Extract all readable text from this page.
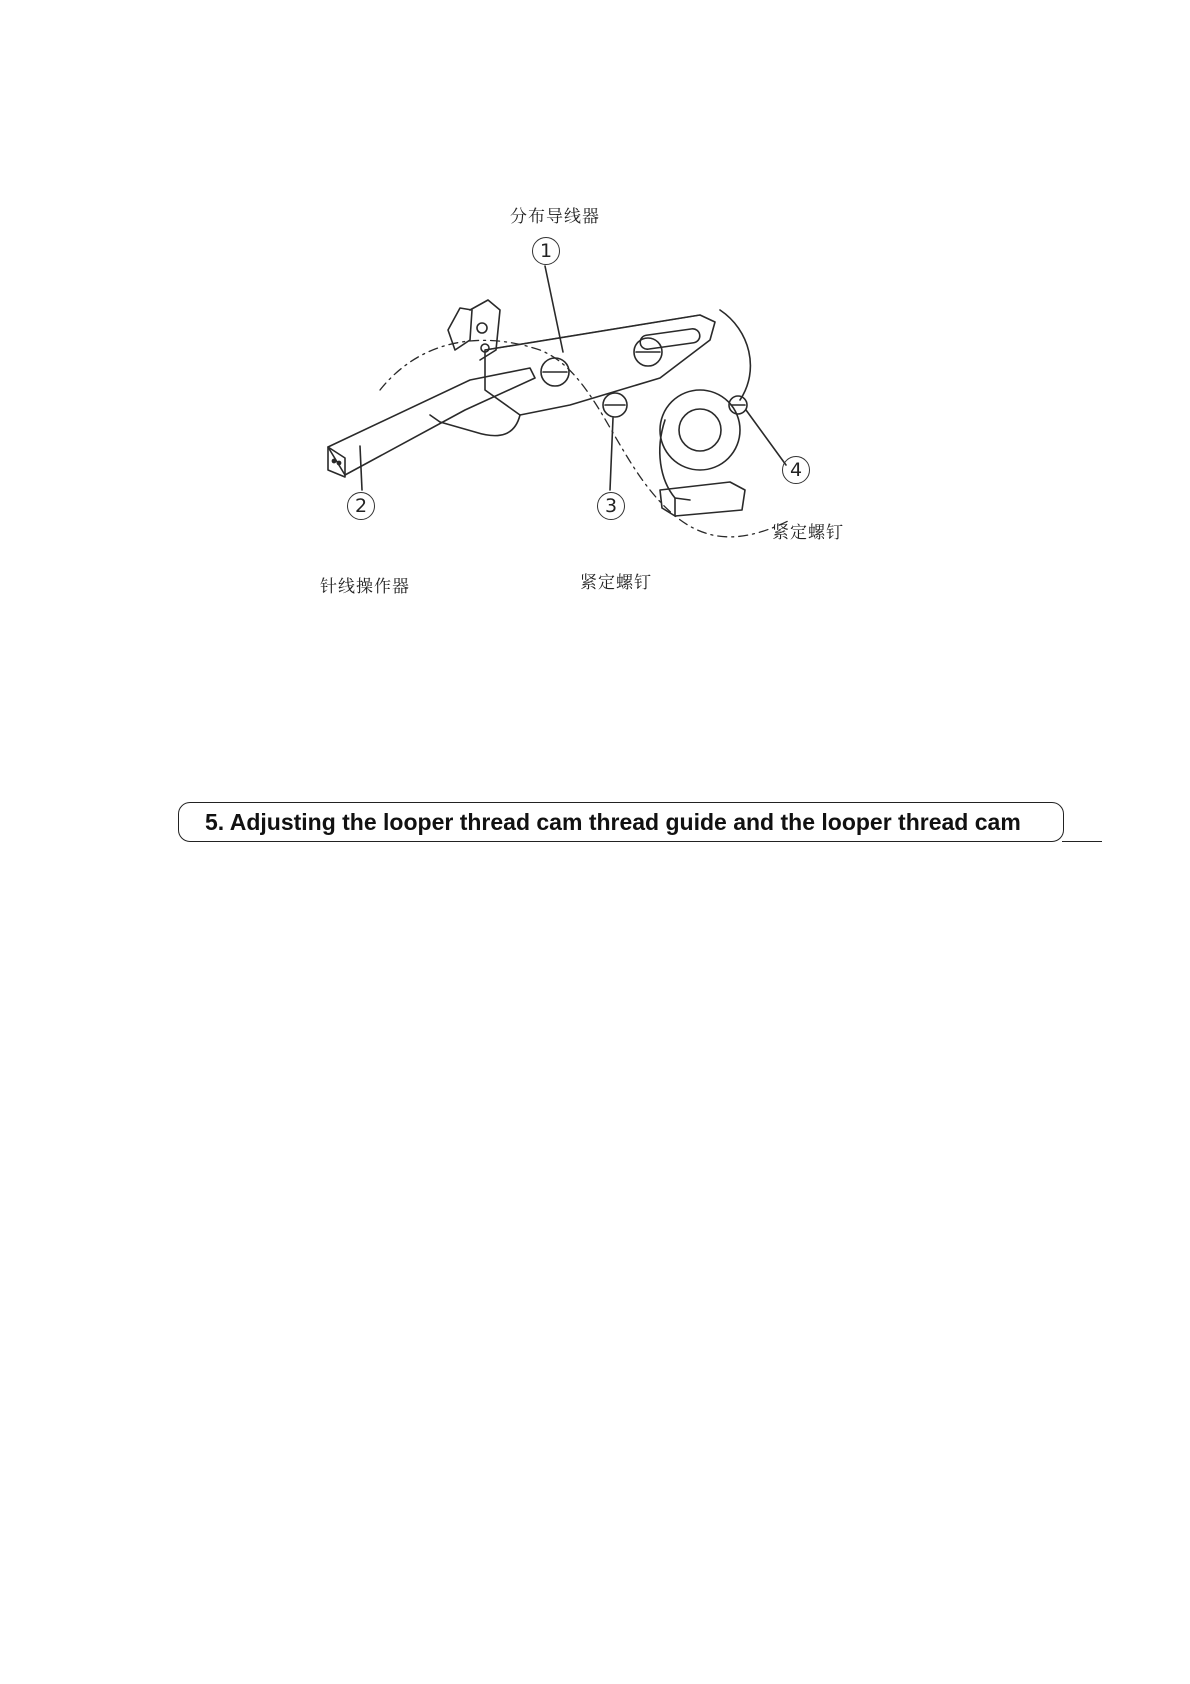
分布导线器
1
2
针线操作器
3
紧定螺钉
4
紧定螺钉
5. Adjusting the looper thread cam thread guide and the looper thread cam
